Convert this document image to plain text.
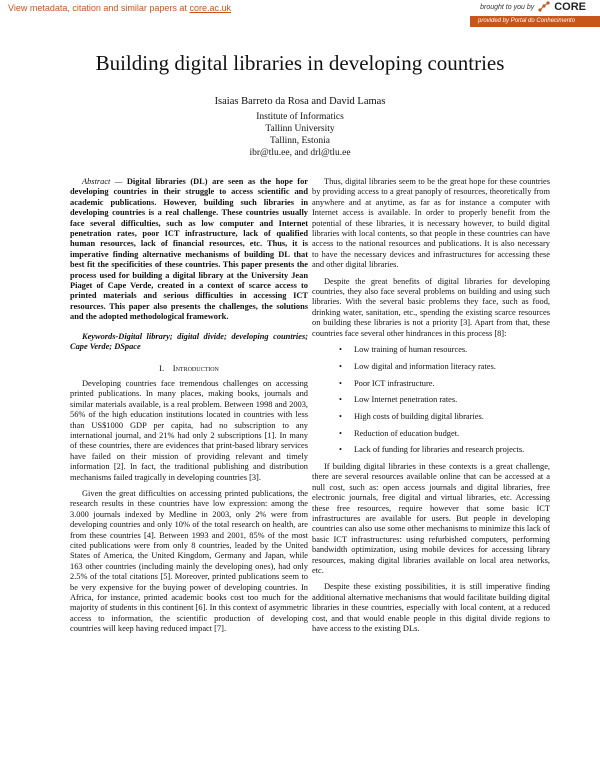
View metadata, citation and similar papers at core.ac.uk	brought to you by CORE
provided by Portal do Conhecimento
Building digital libraries in developing countries
Isaias Barreto da Rosa and David Lamas
Institute of Informatics
Tallinn University
Tallinn, Estonia
ibr@tlu.ee, and drl@tlu.ee

Abstract — Digital libraries (DL) are seen as the hope for developing countries in their struggle to access scientific and academic publications. However, building such libraries in developing countries is a real challenge. These countries usually face several difficulties, such as low computer and Internet penetration rates, poor ICT infrastructure, lack of qualified human resources, lack of financial resources, etc. Thus, it is imperative finding alternative mechanisms of building DL that best fit the specificities of these countries. This paper presents the process used for building a digital library at the University Jean Piaget of Cape Verde, created in a context of scarce access to printed materials and serious difficulties in accessing ICT resources. This paper also presents the challenges, the solutions and the adopted methodological framework.

Keywords-Digital library; digital divide; developing countries; Cape Verde; DSpace

I. Introduction

Developing countries face tremendous challenges on accessing printed publications. In many places, making books, journals and similar materials available, is a real problem. Between 1998 and 2003, 56% of the high education institutions located in countries with less than US$1000 GDP per capita, had no subscription to any international journal, and 21% had only 2 subscriptions [1]. In many of these countries, there are evidences that print-based library services have failed on their mission of providing relevant and timely information [2]. In fact, the traditional publishing and distribution mechanisms failed tragically in developing countries [3].

Given the great difficulties on accessing printed publications, the research results in these countries have low expression: among the 3.000 journals indexed by Medline in 2003, only 2% were from developing countries and only 10% of the total research on health, are from these countries [4]. Between 1993 and 2001, 85% of the most cited publications were from only 8 countries, leaded by the United States of America, the United Kingdom, Germany and Japan, while 163 other countries (including mainly the developing ones), had only 2.5% of the total citations [5]. Moreover, printed publications seem to be very expensive for the buying power of developing countries. In Africa, for instance, printed academic books cost too much for the majority of students in this continent [6]. In this context of asymmetric access to information, the scientific production of developing countries will keep having reduced impact [7].

Thus, digital libraries seem to be the great hope for these countries by providing access to a great panoply of resources, theoretically from anywhere and at anytime, as far as for instance a computer with Internet access is available. In order to properly benefit from the potential of these libraries, it is necessary however, to build digital libraries with local contents, so that people in these countries can have access to the national resources and publications. It is also necessary to have the necessary devices and infrastructures for accessing these and other digital libraries.

Despite the great benefits of digital libraries for developing countries, they also face several problems on building and using such libraries. With the several basic problems they face, such as food, drinking water, sanitation, etc., spending the existing scarce resources on building these libraries is not a priority [3]. Apart from that, these countries face several other hindrances in this process [8]:

• Low training of human resources.
• Low digital and information literacy rates.
• Poor ICT infrastructure.
• Low Internet penetration rates.
• High costs of building digital libraries.
• Reduction of education budget.
• Lack of funding for libraries and research projects.

If building digital libraries in these contexts is a great challenge, there are several resources available online that can be accessed at a null cost, such as: open access journals and digital libraries, free electronic journals, free digital and virtual libraries, etc. Accessing these free resources, require however that some basic ICT infrastructures are available for users. But people in developing countries can also use some other mechanisms to minimize this lack of basic ICT infrastructures: using refurbished computers, performing bandwidth optimization, using mobile devices for accessing library resources, making digital libraries available on local area networks, etc.

Despite these existing possibilities, it is still imperative finding additional alternative mechanisms that would facilitate building digital libraries in these countries, especially with local content, at a reduced cost, and that would enable people in this digital divide regions to have access to the existing DLs.
